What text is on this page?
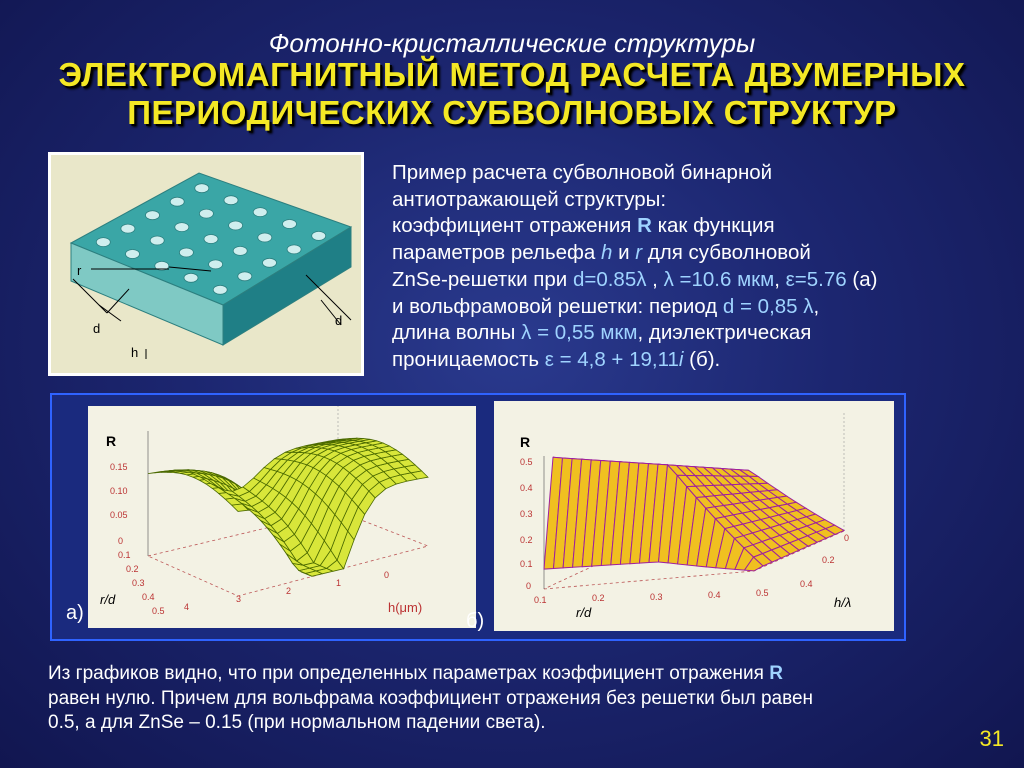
Фотонно-кристаллические структуры
ЭЛЕКТРОМАГНИТНЫЙ МЕТОД РАСЧЕТА ДВУМЕРНЫХ
ПЕРИОДИЧЕСКИХ СУБВОЛНОВЫХ СТРУКТУР
r
d
d
h

Пример расчета субволновой бинарной

антиотражающей структуры:

коэффициент отражения R как функция

параметров рельефа h и r для субволновой

ZnSe-решетки при d=0.85λ , λ =10.6 мкм, ε=5.76 (а)

и вольфрамовой решетки: период d = 0,85 λ,

длина волны λ = 0,55 мкм, диэлектрическая

проницаемость ε = 4,8 + 19,11i (б).

R
0.15
0.10
0.05
0
0.1
0.2
0.3
0.4
0.5
r/d	4
3
2
1
0
h(μm)
R
0.5
0.4
0.3
0.2
0.1
0
0.1	0.2	0.3	0.4	0.5
r/d
0
0.2
0.4
h/λ
а)	б)
Из графиков видно, что при определенных параметрах коэффициент отражения R
равен нулю. Причем для вольфрама коэффициент отражения без решетки был равен
0.5, а для ZnSe – 0.15 (при нормальном падении света).
31
